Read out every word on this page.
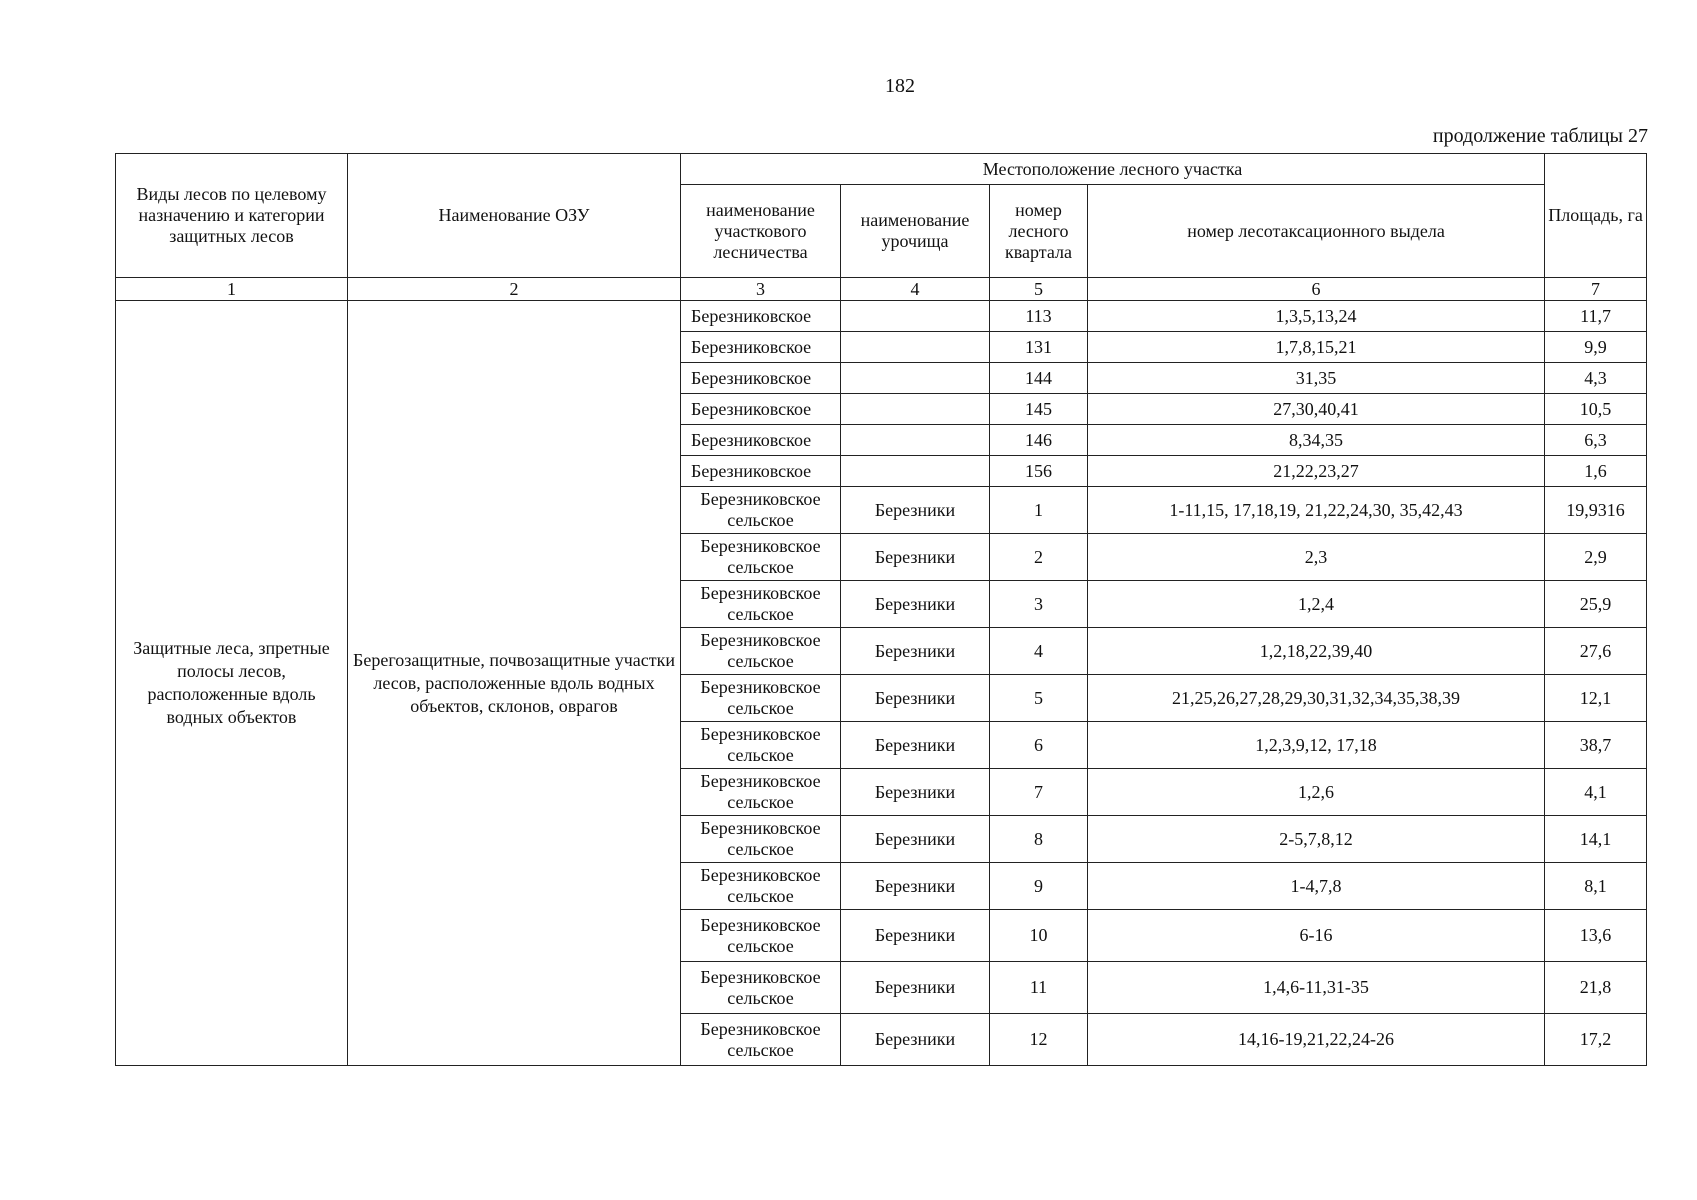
182
продолжение таблицы 27
Виды лесов по целевому назначению и категории защитных лесов	Наименование ОЗУ	Местоположение лесного участка				Площадь, га
		наименование участкового лесничества	наименование урочища	номер лесного квартала	номер лесотаксационного выдела	
1	2	3	4	5	6	7
Защитные леса, зпретные полосы лесов, расположенные вдоль водных объектов	Берегозащитные, почвозащитные участки лесов, расположенные вдоль водных объектов, склонов, оврагов	Березниковское		113	1,3,5,13,24	11,7
		Березниковское		131	1,7,8,15,21	9,9
		Березниковское		144	31,35	4,3
		Березниковское		145	27,30,40,41	10,5
		Березниковское		146	8,34,35	6,3
		Березниковское		156	21,22,23,27	1,6
		Березниковское сельское	Березники	1	1-11,15, 17,18,19, 21,22,24,30, 35,42,43	19,9316
		Березниковское сельское	Березники	2	2,3	2,9
		Березниковское сельское	Березники	3	1,2,4	25,9
		Березниковское сельское	Березники	4	1,2,18,22,39,40	27,6
		Березниковское сельское	Березники	5	21,25,26,27,28,29,30,31,32,34,35,38,39	12,1
		Березниковское сельское	Березники	6	1,2,3,9,12, 17,18	38,7
		Березниковское сельское	Березники	7	1,2,6	4,1
		Березниковское сельское	Березники	8	2-5,7,8,12	14,1
		Березниковское сельское	Березники	9	1-4,7,8	8,1
		Березниковское сельское	Березники	10	6-16	13,6
		Березниковское сельское	Березники	11	1,4,6-11,31-35	21,8
		Березниковское сельское	Березники	12	14,16-19,21,22,24-26	17,2
